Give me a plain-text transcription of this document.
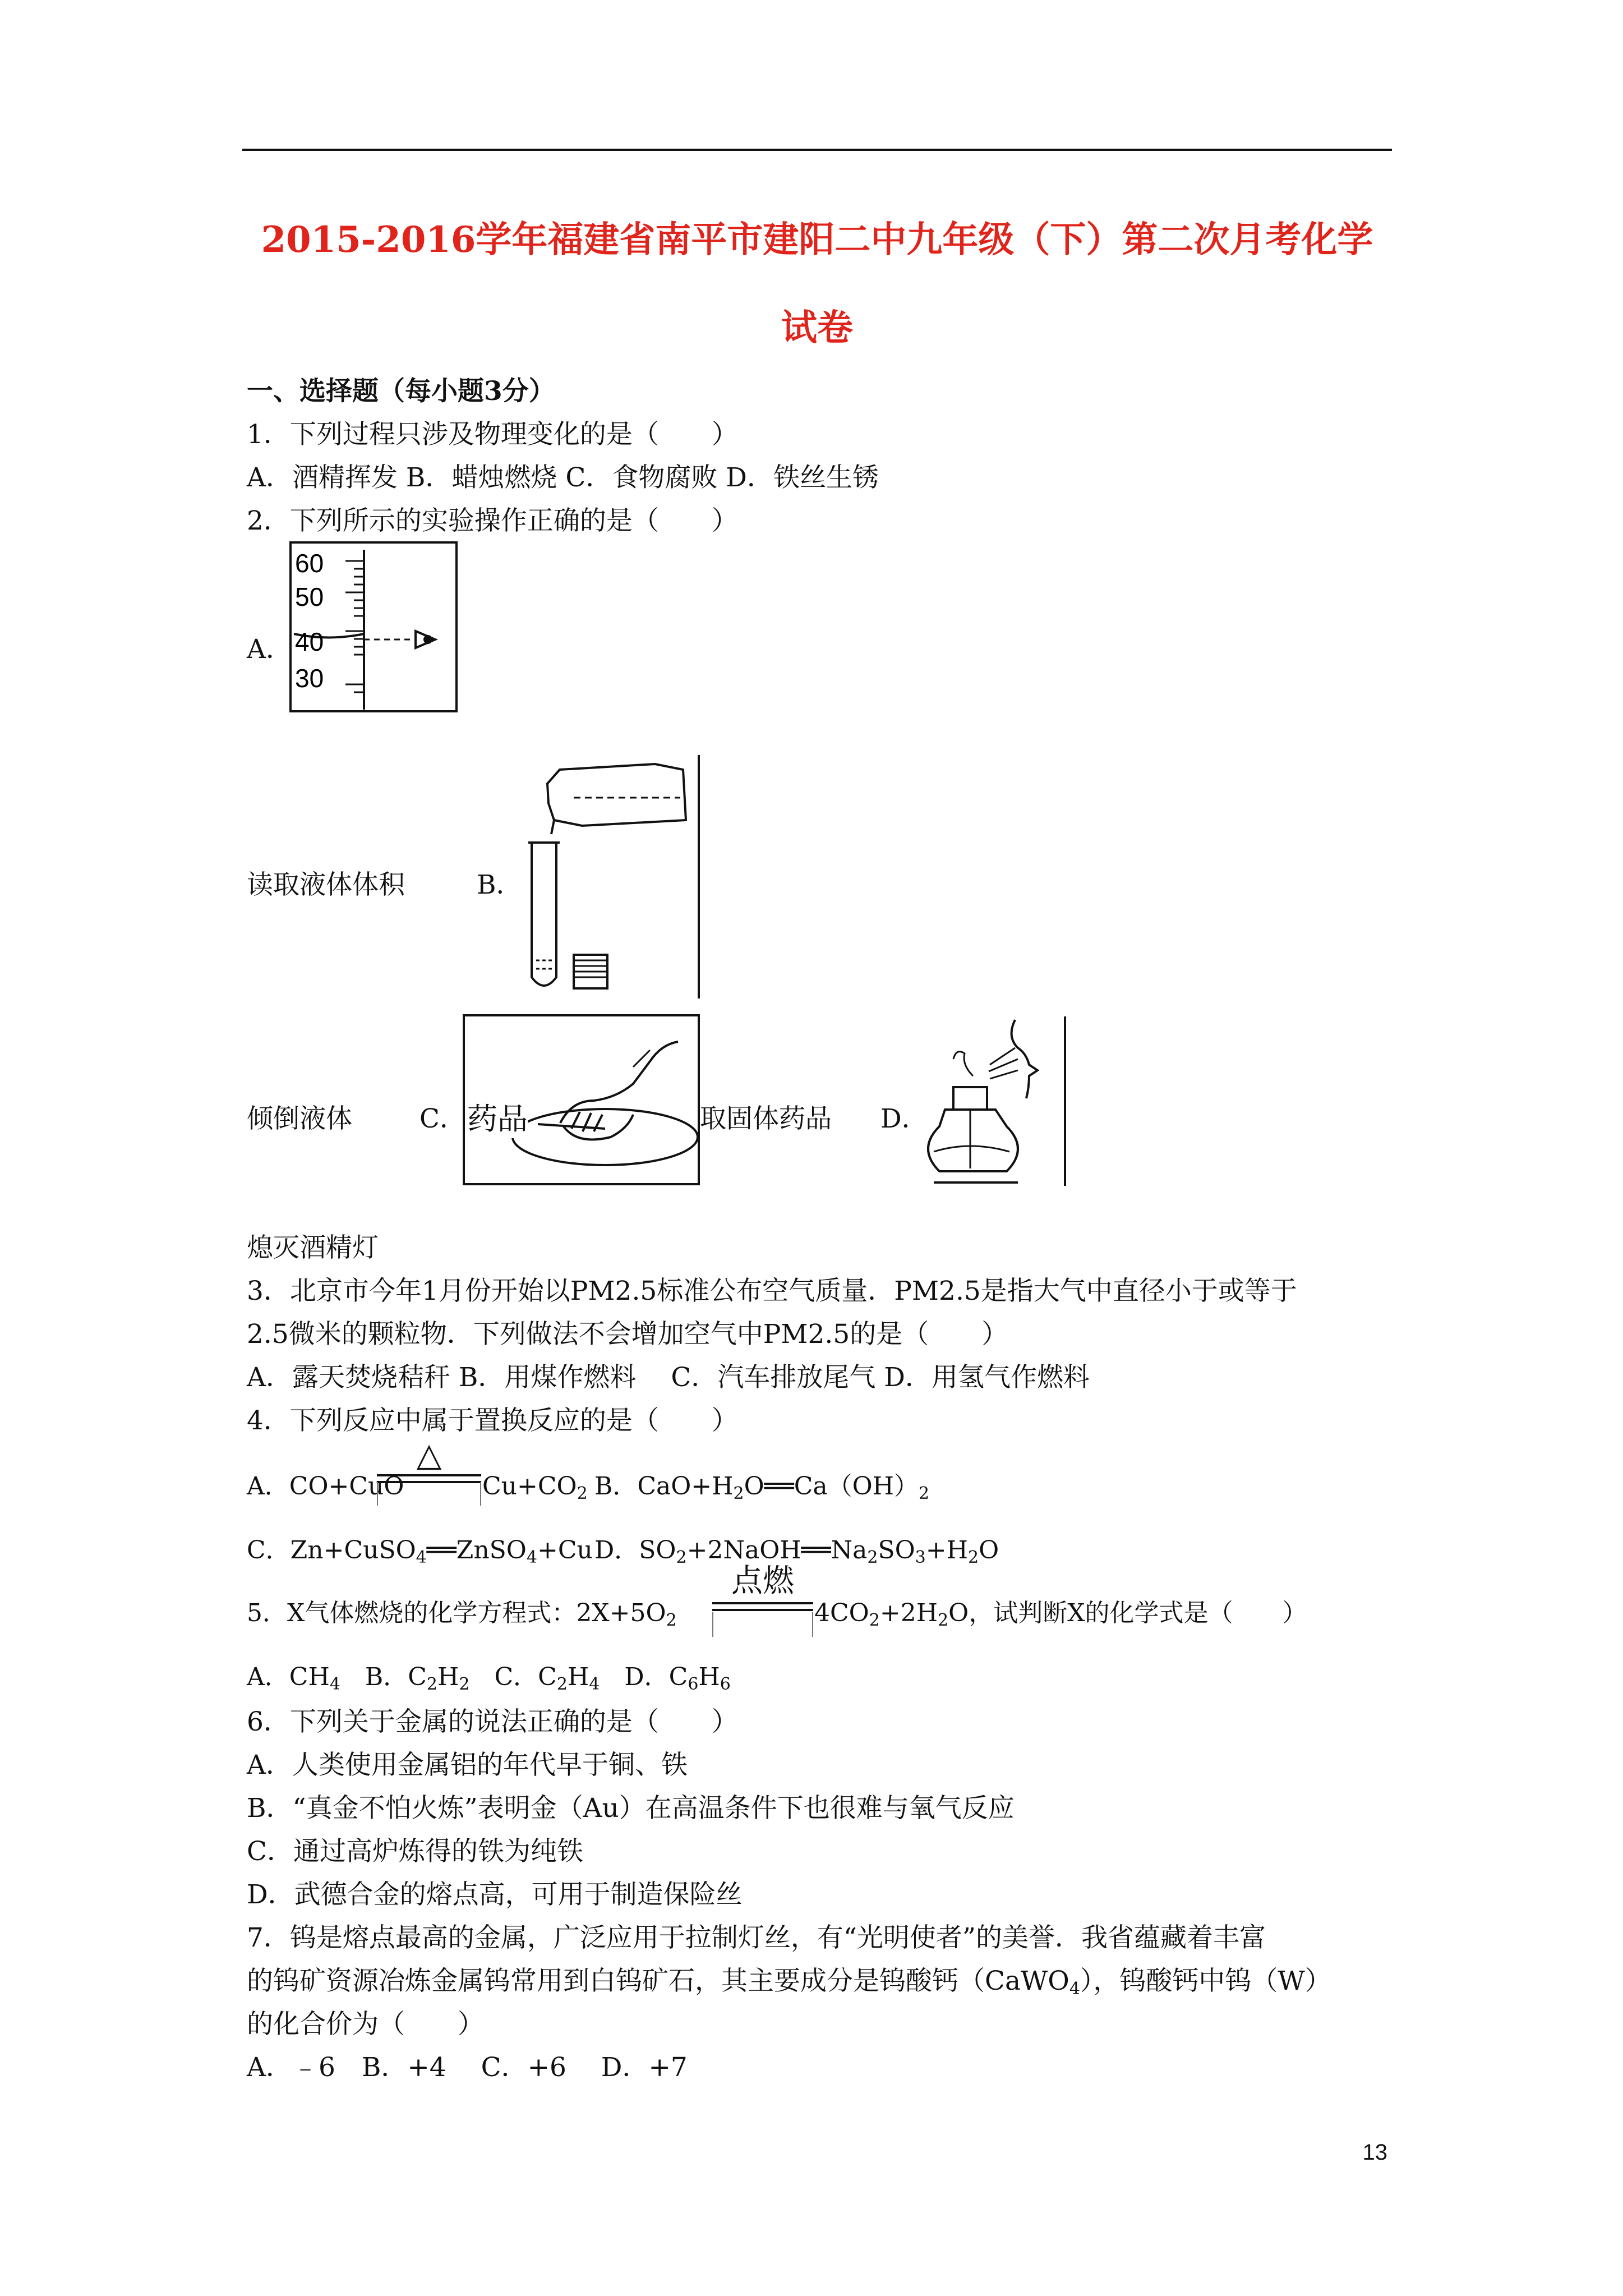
2015-2016学年福建省南平市建阳二中九年级（下）第二次月考化学
试卷
一、选择题（每小题3分）
1．下列过程只涉及物理变化的是（　　）
A．酒精挥发 B．蜡烛燃烧 C．食物腐败 D．铁丝生锈
2．下列所示的实验操作正确的是（　　）
A．
60
50
40
30
读取液体体积	B．
倾倒液体	C． 药品	取固体药品 D．
熄灭酒精灯
3．北京市今年1月份开始以PM2.5标准公布空气质量．PM2.5是指大气中直径小于或等于
2.5微米的颗粒物．下列做法不会增加空气中PM2.5的是（　　）
A．露天焚烧秸秆 B．用煤作燃料　 C．汽车排放尾气 D．用氢气作燃料
4．下列反应中属于置换反应的是（　　）
A．CO+CuO
△
$Cu+CO_2$ B．$CaO+H_2O══Ca(OH)_2$
C．Zn+CuSO$_4$══ZnSO$_4$+Cu D．$SO_2+2NaOH══Na_2SO_3+H_2O$
5．X气体燃烧的化学方程式：$2X+5O_2$
点燃
$4CO_2+2H_2O$，试判断X的化学式是（　　）
A．$CH_4$　B．$C_2H_2$　C．$C_2H_4$　D．$C_6H_6$
6．下列关于金属的说法正确的是（　　）
A．人类使用金属铝的年代早于铜、铁
B．“真金不怕火炼”表明金（Au）在高温条件下也很难与氧气反应
C．通过高炉炼得的铁为纯铁
D．武德合金的熔点高，可用于制造保险丝
7．钨是熔点最高的金属，广泛应用于拉制灯丝，有“光明使者”的美誉．我省蕴藏着丰富
的钨矿资源冶炼金属钨常用到白钨矿石，其主要成分是钨酸钙（CaWO$_4$），钨酸钙中钨（W）
的化合价为（　　）
A．﹣6　B．+4　 C．+6　 D．+7
13
